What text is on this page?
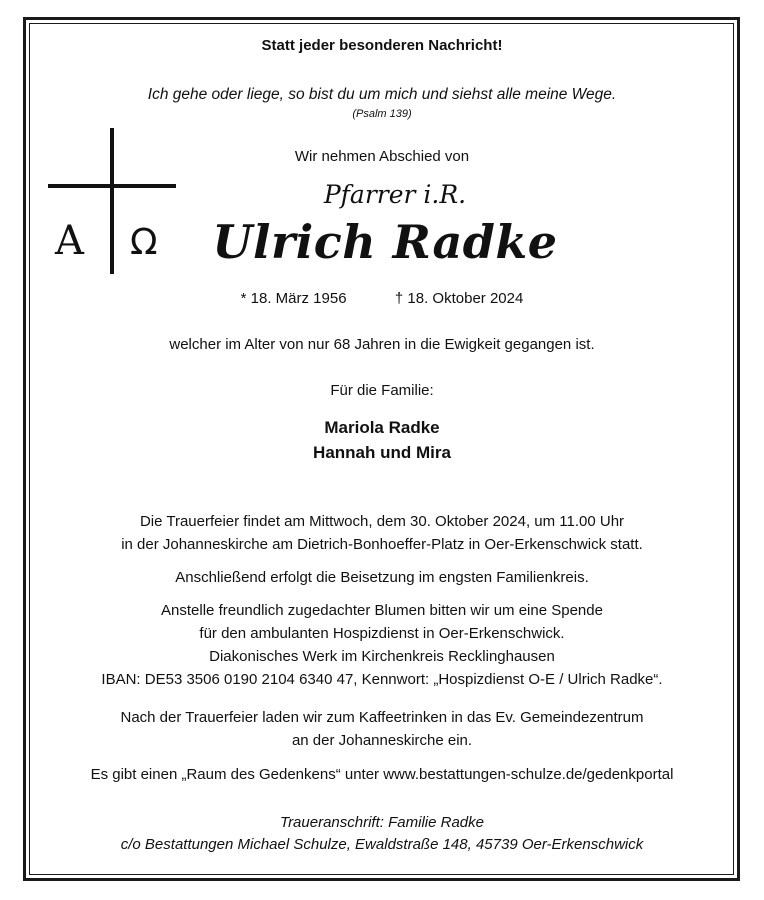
Statt jeder besonderen Nachricht!
Ich gehe oder liege, so bist du um mich und siehst alle meine Wege.
(Psalm 139)
A Ω
Wir nehmen Abschied von
Pfarrer i.R.
Ulrich Radke
* 18. März 1956	† 18. Oktober 2024
welcher im Alter von nur 68 Jahren in die Ewigkeit gegangen ist.
Für die Familie:
Mariola Radke
Hannah und Mira
Die Trauerfeier findet am Mittwoch, dem 30. Oktober 2024, um 11.00 Uhr
in der Johanneskirche am Dietrich-Bonhoeffer-Platz in Oer-Erkenschwick statt.
Anschließend erfolgt die Beisetzung im engsten Familienkreis.
Anstelle freundlich zugedachter Blumen bitten wir um eine Spende
für den ambulanten Hospizdienst in Oer-Erkenschwick.
Diakonisches Werk im Kirchenkreis Recklinghausen
IBAN: DE53 3506 0190 2104 6340 47, Kennwort: „Hospizdienst O-E / Ulrich Radke“.
Nach der Trauerfeier laden wir zum Kaffeetrinken in das Ev. Gemeindezentrum
an der Johanneskirche ein.
Es gibt einen „Raum des Gedenkens“ unter www.bestattungen-schulze.de/gedenkportal
Traueranschrift: Familie Radke
c/o Bestattungen Michael Schulze, Ewaldstraße 148, 45739 Oer-Erkenschwick
